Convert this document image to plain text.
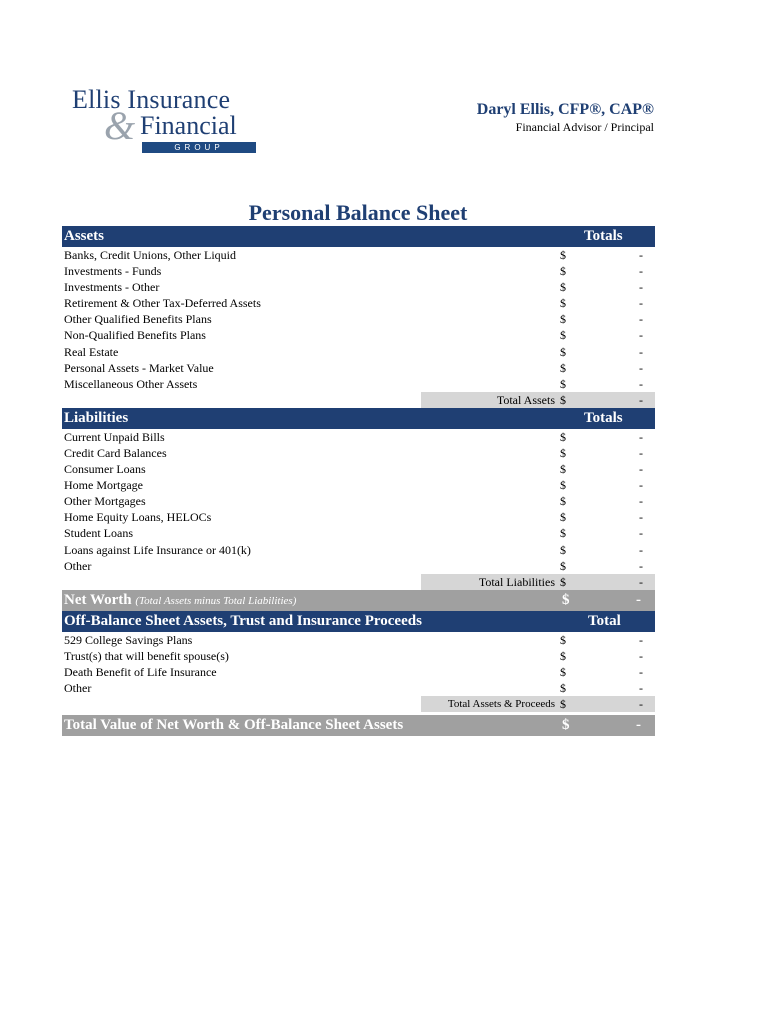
Ellis Insurance
& Financial
GROUP
Daryl Ellis, CFP®, CAP®
Financial Advisor / Principal
Personal Balance Sheet
Assets	Totals
Banks, Credit Unions, Other Liquid	$	-
Investments - Funds	$	-
Investments - Other	$	-
Retirement & Other Tax-Deferred Assets	$	-
Other Qualified Benefits Plans	$	-
Non-Qualified Benefits Plans	$	-
Real Estate	$	-
Personal Assets - Market Value	$	-
Miscellaneous Other Assets	$	-
Total Assets $	-
Liabilities	Totals
Current Unpaid Bills	$	-
Credit Card Balances	$	-
Consumer Loans	$	-
Home Mortgage	$	-
Other Mortgages	$	-
Home Equity Loans, HELOCs	$	-
Student Loans	$	-
Loans against Life Insurance or 401(k)	$	-
Other	$	-
Total Liabilities $	-
Net Worth (Total Assets minus Total Liabilities)	$	-
Off-Balance Sheet Assets, Trust and Insurance Proceeds	Total
529 College Savings Plans	$	-
Trust(s) that will benefit spouse(s)	$	-
Death Benefit of Life Insurance	$	-
Other	$	-
Total Assets & Proceeds $	-
Total Value of Net Worth & Off-Balance Sheet Assets	$	-
